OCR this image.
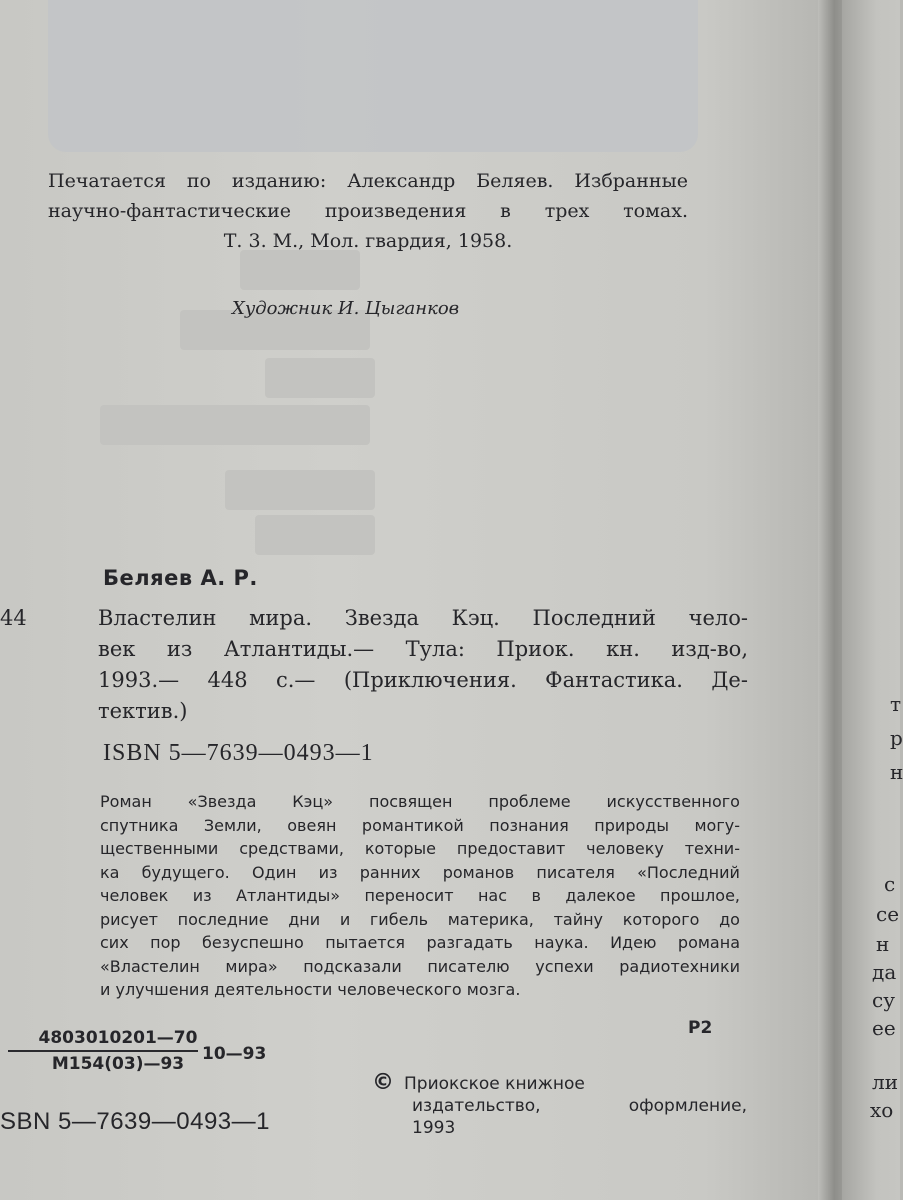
Печатается по изданию: Александр Беляев. Избранные
научно-фантастические произведения в трех томах.
Т. 3. М., Мол. гвардия, 1958.
Художник И. Цыганков
Беляев А. Р.
44	Властелин мира. Звезда Кэц. Последний чело-
век из Атлантиды.— Тула: Приок. кн. изд-во,
1993.— 448 с.— (Приключения. Фантастика. Де-
тектив.)
ISBN 5—7639—0493—1
Роман «Звезда Кэц» посвящен проблеме искусственного
спутника Земли, овеян романтикой познания природы могу-
щественными средствами, которые предоставит человеку техни-
ка будущего. Один из ранних романов писателя «Последний
человек из Атлантиды» переносит нас в далекое прошлое,
рисует последние дни и гибель материка, тайну которого до
сих пор безуспешно пытается разгадать наука. Идею романа
«Властелин мира» подсказали писателю успехи радиотехники
и улучшения деятельности человеческого мозга.
Р2
4803010201—70
М154(03)—93	10—93
© Приокское книжное
издательство,	оформление,
1993
SBN 5—7639—0493—1
т
р
н
с
се
н
да
су
ее
ли
хо
